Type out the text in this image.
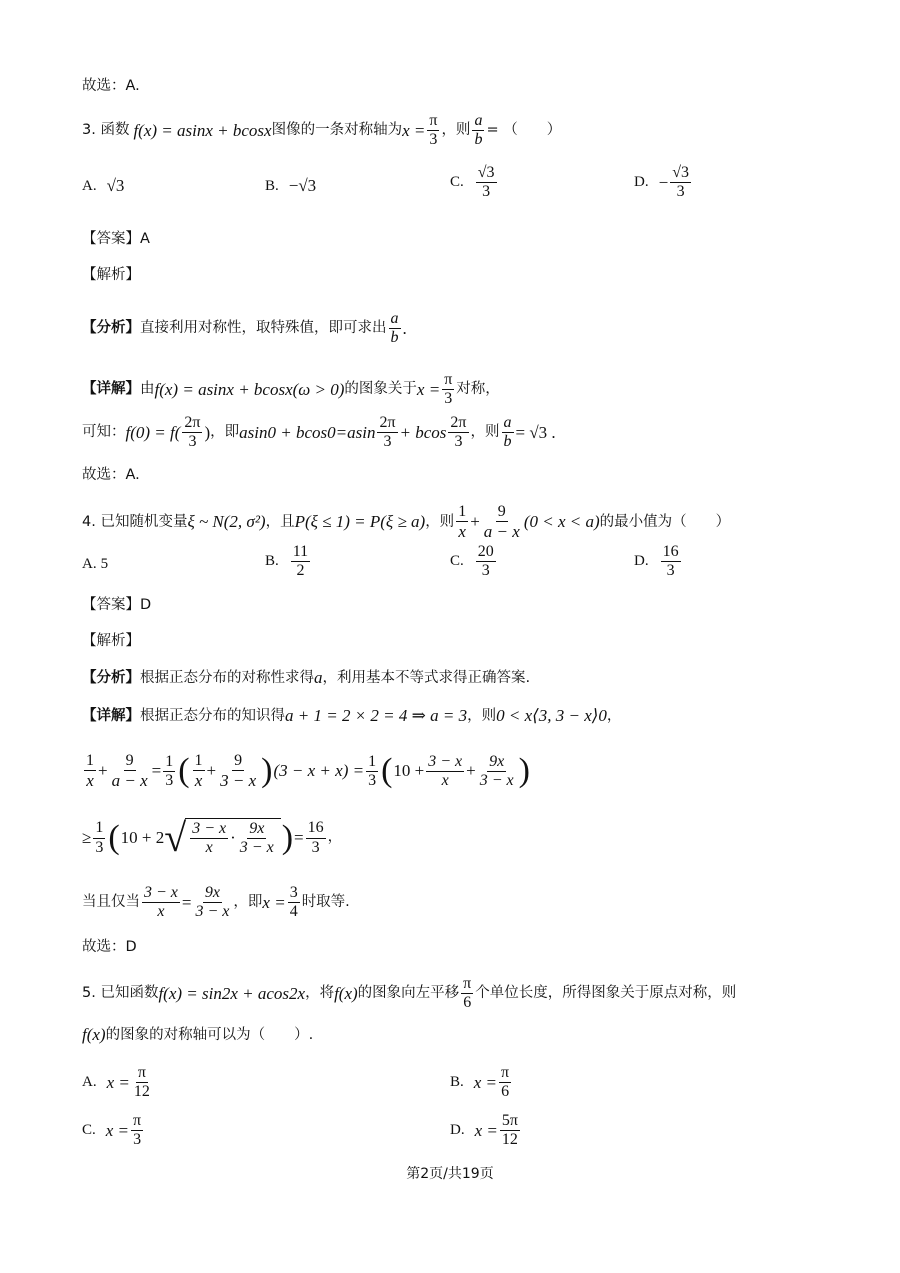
故选：A.
3. 函数 f(x) = asinx + bcosx 图像的一条对称轴为 $x = \frac{\pi}{3}$ ，则 $\frac{a}{b}$ = （　　）
A. √3	B. −√3	C. $\frac{√3}{3}$	D. − $\frac{√3}{3}$
【答案】A
【解析】
【分析】 直接利用对称性，取特殊值，即可求出 $\frac{a}{b}$ .
【详解】 由 f(x) = asinx + bcosx(ω > 0) 的图象关于 $x = \frac{\pi}{3}$ 对称，
可知： $f(0) = f( \frac{2\pi}{3}$ ) ，即 $asin0 + bcos0=asin \frac{2\pi}{3} + bcos \frac{2\pi}{3}$ ，则 $\frac{a}{b} = √3$ .
故选：A.
4. 已知随机变量 ξ ~ N(2, σ²) ，且 P(ξ ≤ 1) = P(ξ ≥ a) ，则 $\frac{1}{x} + \frac{9}{a - x} (0 < x < a)$ 的最小值为（　　）
A. 5	B. $\frac{11}{2}$	C. $\frac{20}{3}$	D. $\frac{16}{3}$
【答案】D
【解析】
【分析】 根据正态分布的对称性求得 a ，利用基本不等式求得正确答案.
【详解】 根据正态分布的知识得 a + 1 = 2 × 2 = 4 ⇒ a = 3 ，则 0 < x⟨3, 3 − x⟩0 ，
$\frac{1}{x} + \frac{9}{a - x} = \frac{1}{3}$ ( $\frac{1}{x} + \frac{9}{3 - x}$ ) $(3 - x + x) = \frac{1}{3}$ ( $10 + \frac{3 - x}{x} + \frac{9x}{3 - x}$ )
≥ $\frac{1}{3}$ ( 10 + 2 √ $\frac{3 - x}{x} \cdot \frac{9x}{3 - x}$ ) = $\frac{16}{3}$ ，
当且仅当 $\frac{3 - x}{x} = \frac{9x}{3 - x}$ ，即 $x = \frac{3}{4}$ 时取等.
故选：D
5. 已知函数 f(x) = sin2x + acos2x ，将 f(x) 的图象向左平移 $\frac{\pi}{6}$ 个单位长度，所得图象关于原点对称，则
f(x) 的图象的对称轴可以为（　　）.
A. $x = \frac{\pi}{12}$	B. $x = \frac{\pi}{6}$
C. $x = \frac{\pi}{3}$	D. $x = \frac{5\pi}{12}$
第2页/共19页
